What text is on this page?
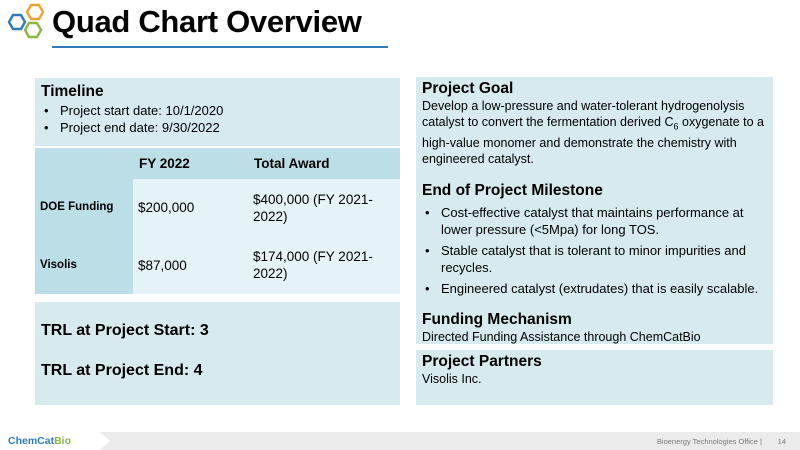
Quad Chart Overview
Timeline
• Project start date: 10/1/2020
• Project end date: 9/30/2022
	FY 2022	Total Award
DOE Funding	$200,000	$400,000 (FY 2021-2022)
Visolis	$87,000	$174,000 (FY 2021-2022)
TRL at Project Start: 3
TRL at Project End: 4
Project Goal
Develop a low-pressure and water-tolerant hydrogenolysis catalyst to convert the fermentation derived $C_6$ oxygenate to a high-value monomer and demonstrate the chemistry with engineered catalyst.
End of Project Milestone
• Cost-effective catalyst that maintains performance at lower pressure (<5Mpa) for long TOS.
• Stable catalyst that is tolerant to minor impurities and recycles.
• Engineered catalyst (extrudates) that is easily scalable.
Funding Mechanism
Directed Funding Assistance through ChemCatBio
Project Partners
Visolis Inc.
ChemCatBio	Bioenergy Technologies Office | 14
